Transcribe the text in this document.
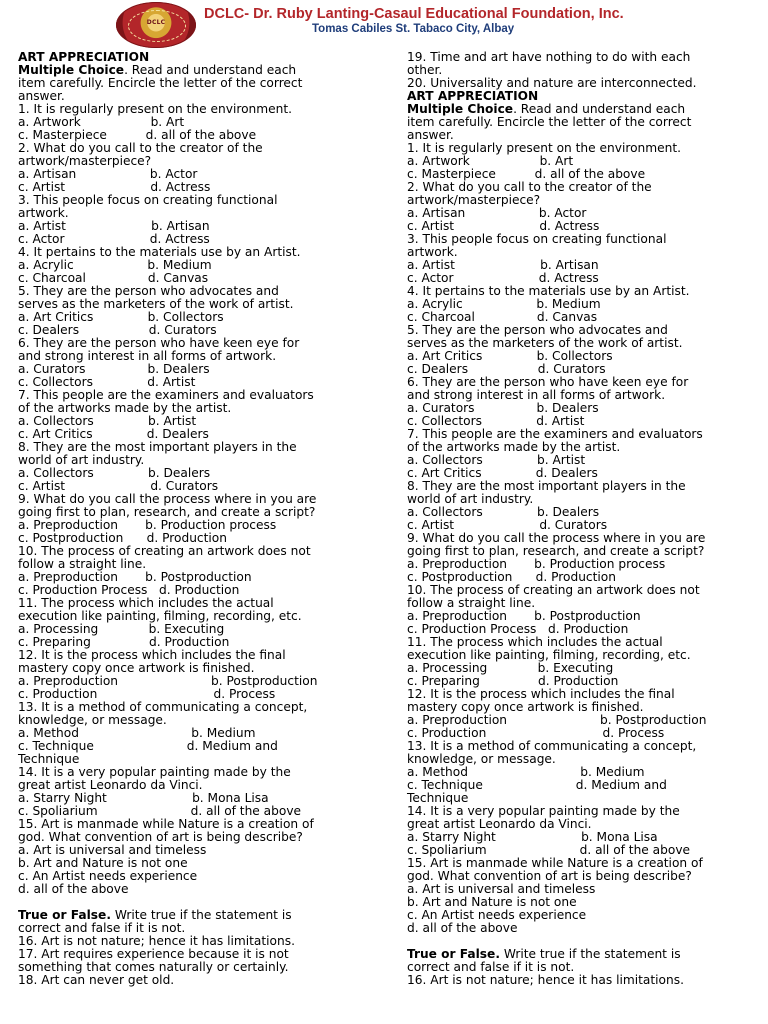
DCLC
DCLC- Dr. Ruby Lanting-Casaul Educational Foundation, Inc.
Tomas Cabiles St. Tabaco City, Albay
ART APPRECIATION
Multiple Choice. Read and understand each
item carefully. Encircle the letter of the correct
answer.
1. It is regularly present on the environment.
a. Artwork                  b. Art
c. Masterpiece          d. all of the above
2. What do you call to the creator of the
artwork/masterpiece?
a. Artisan                   b. Actor
c. Artist                      d. Actress
3. This people focus on creating functional
artwork.
a. Artist                      b. Artisan
c. Actor                      d. Actress
4. It pertains to the materials use by an Artist.
a. Acrylic                   b. Medium
c. Charcoal                d. Canvas
5. They are the person who advocates and
serves as the marketers of the work of artist.
a. Art Critics              b. Collectors
c. Dealers                  d. Curators
6. They are the person who have keen eye for
and strong interest in all forms of artwork.
a. Curators                b. Dealers
c. Collectors              d. Artist
7. This people are the examiners and evaluators
of the artworks made by the artist.
a. Collectors              b. Artist
c. Art Critics              d. Dealers
8. They are the most important players in the
world of art industry.
a. Collectors              b. Dealers
c. Artist                      d. Curators
9. What do you call the process where in you are
going first to plan, research, and create a script?
a. Preproduction       b. Production process
c. Postproduction      d. Production
10. The process of creating an artwork does not
follow a straight line.
a. Preproduction       b. Postproduction
c. Production Process   d. Production
11. The process which includes the actual
execution like painting, filming, recording, etc.
a. Processing             b. Executing
c. Preparing               d. Production
12. It is the process which includes the final
mastery copy once artwork is finished.
a. Preproduction                        b. Postproduction
c. Production                              d. Process
13. It is a method of communicating a concept,
knowledge, or message.
a. Method                             b. Medium
c. Technique                        d. Medium and
Technique
14. It is a very popular painting made by the
great artist Leonardo da Vinci.
a. Starry Night                      b. Mona Lisa
c. Spoliarium                        d. all of the above
15. Art is manmade while Nature is a creation of
god. What convention of art is being describe?
a. Art is universal and timeless
b. Art and Nature is not one
c. An Artist needs experience
d. all of the above
True or False. Write true if the statement is
correct and false if it is not.
16. Art is not nature; hence it has limitations.
17. Art requires experience because it is not
something that comes naturally or certainly.
18. Art can never get old.
19. Time and art have nothing to do with each
other.
20. Universality and nature are interconnected.
ART APPRECIATION
Multiple Choice. Read and understand each
item carefully. Encircle the letter of the correct
answer.
1. It is regularly present on the environment.
a. Artwork                  b. Art
c. Masterpiece          d. all of the above
2. What do you call to the creator of the
artwork/masterpiece?
a. Artisan                   b. Actor
c. Artist                      d. Actress
3. This people focus on creating functional
artwork.
a. Artist                      b. Artisan
c. Actor                      d. Actress
4. It pertains to the materials use by an Artist.
a. Acrylic                   b. Medium
c. Charcoal                d. Canvas
5. They are the person who advocates and
serves as the marketers of the work of artist.
a. Art Critics              b. Collectors
c. Dealers                  d. Curators
6. They are the person who have keen eye for
and strong interest in all forms of artwork.
a. Curators                b. Dealers
c. Collectors              d. Artist
7. This people are the examiners and evaluators
of the artworks made by the artist.
a. Collectors              b. Artist
c. Art Critics              d. Dealers
8. They are the most important players in the
world of art industry.
a. Collectors              b. Dealers
c. Artist                      d. Curators
9. What do you call the process where in you are
going first to plan, research, and create a script?
a. Preproduction       b. Production process
c. Postproduction      d. Production
10. The process of creating an artwork does not
follow a straight line.
a. Preproduction       b. Postproduction
c. Production Process   d. Production
11. The process which includes the actual
execution like painting, filming, recording, etc.
a. Processing             b. Executing
c. Preparing               d. Production
12. It is the process which includes the final
mastery copy once artwork is finished.
a. Preproduction                        b. Postproduction
c. Production                              d. Process
13. It is a method of communicating a concept,
knowledge, or message.
a. Method                             b. Medium
c. Technique                        d. Medium and
Technique
14. It is a very popular painting made by the
great artist Leonardo da Vinci.
a. Starry Night                      b. Mona Lisa
c. Spoliarium                        d. all of the above
15. Art is manmade while Nature is a creation of
god. What convention of art is being describe?
a. Art is universal and timeless
b. Art and Nature is not one
c. An Artist needs experience
d. all of the above
True or False. Write true if the statement is
correct and false if it is not.
16. Art is not nature; hence it has limitations.
